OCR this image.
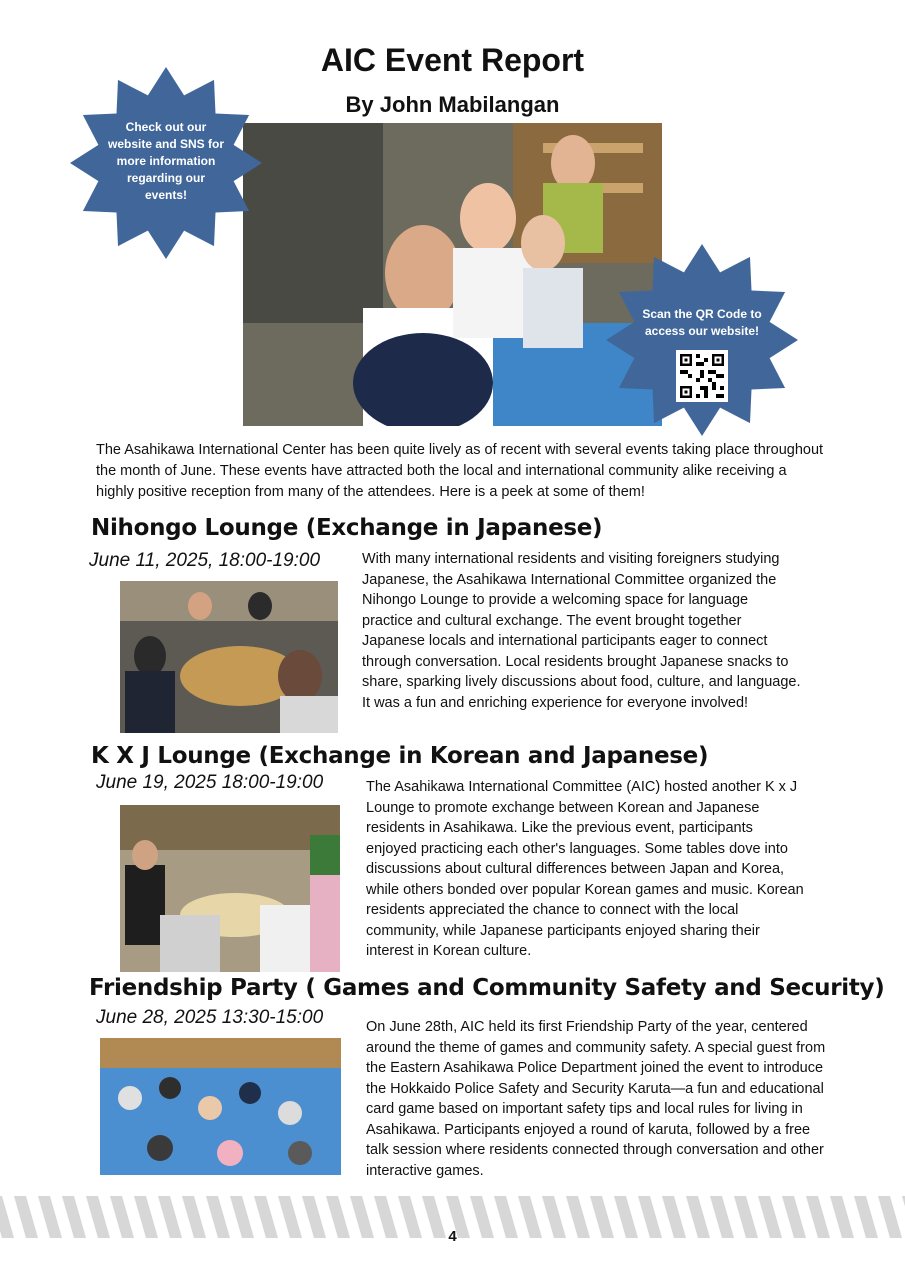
AIC Event Report
By John Mabilangan
Check out our
website and SNS for
more information
regarding our
events!
Scan the QR Code to
access our website!
The Asahikawa International Center has been quite lively as of recent with several events taking place throughout the month of June. These events have attracted both the local and international community alike receiving a highly positive reception from many of the attendees. Here is a peek at some of them!
Nihongo Lounge (Exchange in Japanese)
June 11, 2025, 18:00-19:00	With many international residents and visiting foreigners studying Japanese, the Asahikawa International Committee organized the Nihongo Lounge to provide a welcoming space for language practice and cultural exchange. The event brought together Japanese locals and international participants eager to connect through conversation. Local residents brought Japanese snacks to share, sparking lively discussions about food, culture, and language. It was a fun and enriching experience for everyone involved!
K X J Lounge (Exchange in Korean and Japanese)
June 19, 2025 18:00-19:00	The Asahikawa International Committee (AIC) hosted another K x J Lounge to promote exchange between Korean and Japanese residents in Asahikawa. Like the previous event, participants enjoyed practicing each other's languages. Some tables dove into discussions about cultural differences between Japan and Korea, while others bonded over popular Korean games and music. Korean residents appreciated the chance to connect with the local community, while Japanese participants enjoyed sharing their interest in Korean culture.
Friendship Party ( Games and Community Safety and Security)
June 28, 2025 13:30-15:00	On June 28th, AIC held its first Friendship Party of the year, centered around the theme of games and community safety. A special guest from the Eastern Asahikawa Police Department joined the event to introduce the Hokkaido Police Safety and Security Karuta—a fun and educational card game based on important safety tips and local rules for living in Asahikawa. Participants enjoyed a round of karuta, followed by a free talk session where residents connected through conversation and other interactive games.
4
